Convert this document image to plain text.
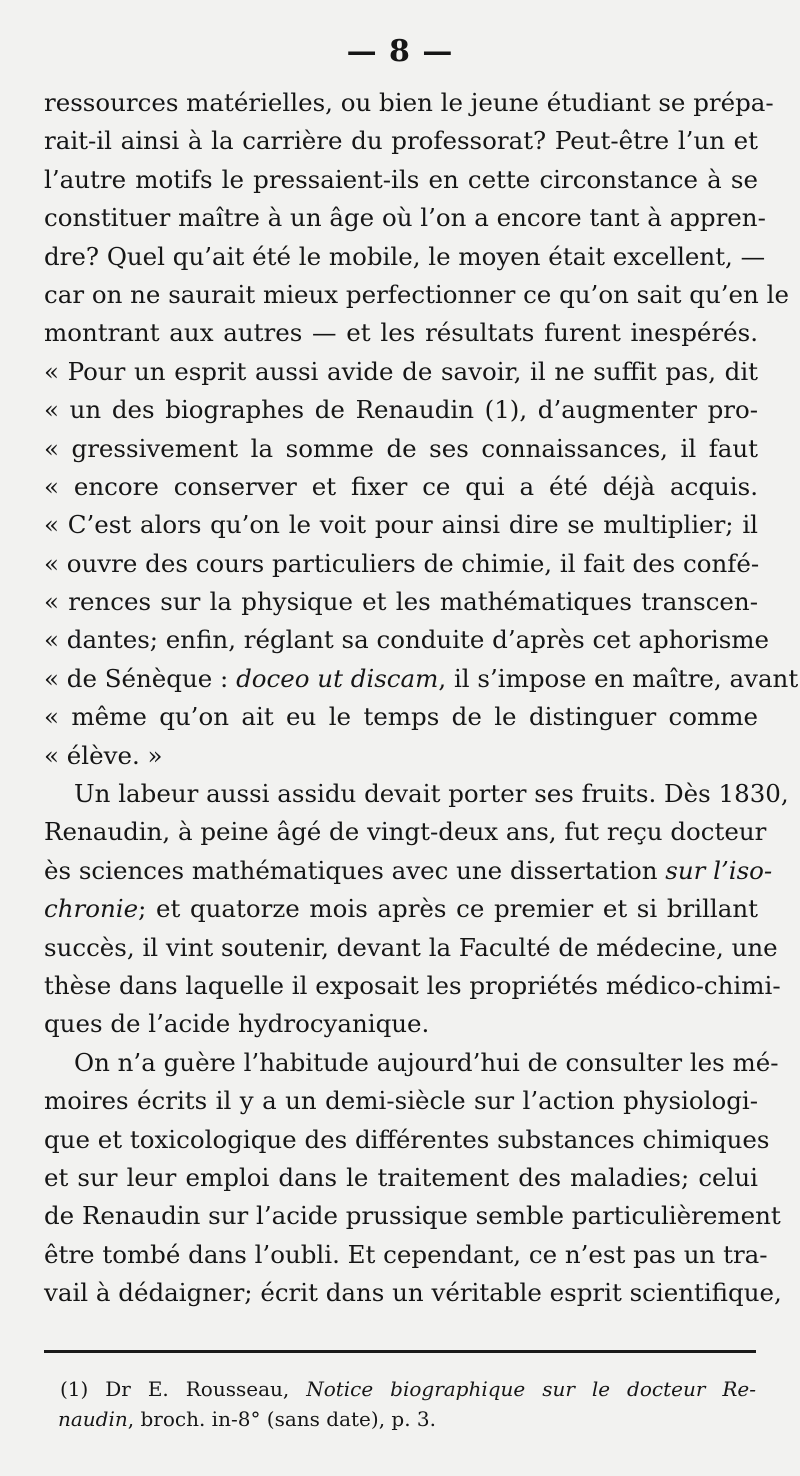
— 8 —
ressources matérielles, ou bien le jeune étudiant se prépa-
rait-il ainsi à la carrière du professorat? Peut-être l’un et
l’autre motifs le pressaient-ils en cette circonstance à se
constituer maître à un âge où l’on a encore tant à appren-
dre? Quel qu’ait été le mobile, le moyen était excellent, —
car on ne saurait mieux perfectionner ce qu’on sait qu’en le
montrant aux autres — et les résultats furent inespérés.
« Pour un esprit aussi avide de savoir, il ne suffit pas, dit
« un des biographes de Renaudin (1), d’augmenter pro-
« gressivement la somme de ses connaissances, il faut
« encore conserver et fixer ce qui a été déjà acquis.
« C’est alors qu’on le voit pour ainsi dire se multiplier; il
« ouvre des cours particuliers de chimie, il fait des confé-
« rences sur la physique et les mathématiques transcen-
« dantes; enfin, réglant sa conduite d’après cet aphorisme
« de Sénèque : doceo ut discam, il s’impose en maître, avant
« même qu’on ait eu le temps de le distinguer comme
« élève. »
Un labeur aussi assidu devait porter ses fruits. Dès 1830,
Renaudin, à peine âgé de vingt-deux ans, fut reçu docteur
ès sciences mathématiques avec une dissertation sur l’iso-
chronie; et quatorze mois après ce premier et si brillant
succès, il vint soutenir, devant la Faculté de médecine, une
thèse dans laquelle il exposait les propriétés médico-chimi-
ques de l’acide hydrocyanique.
On n’a guère l’habitude aujourd’hui de consulter les mé-
moires écrits il y a un demi-siècle sur l’action physiologi-
que et toxicologique des différentes substances chimiques
et sur leur emploi dans le traitement des maladies; celui
de Renaudin sur l’acide prussique semble particulièrement
être tombé dans l’oubli. Et cependant, ce n’est pas un tra-
vail à dédaigner; écrit dans un véritable esprit scientifique,
(1) Dr E. Rousseau, Notice biographique sur le docteur Re-
naudin, broch. in-8° (sans date), p. 3.
